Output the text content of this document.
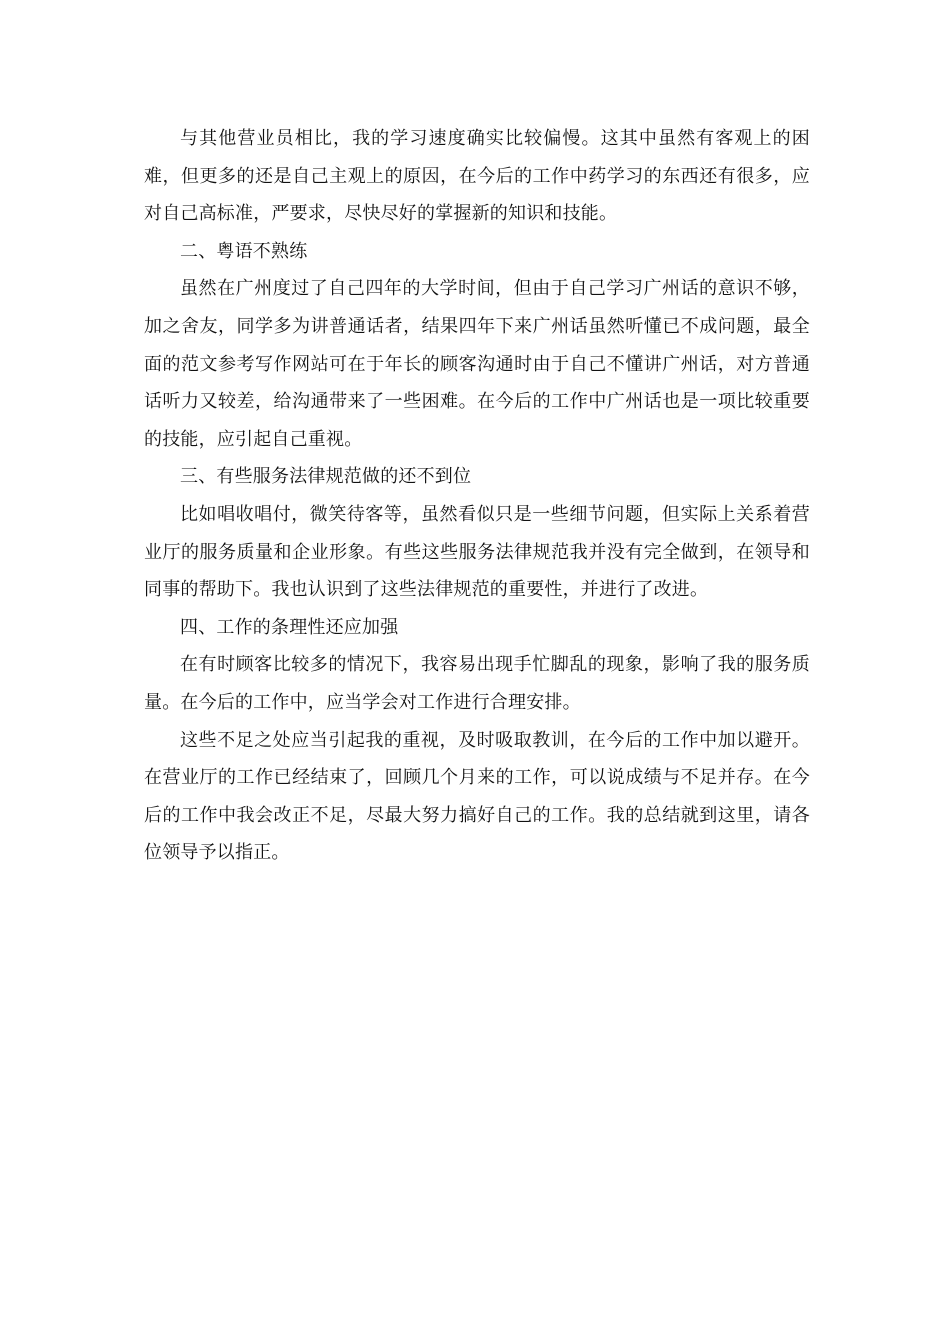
与其他营业员相比，我的学习速度确实比较偏慢。这其中虽然有客观上的困难，但更多的还是自己主观上的原因，在今后的工作中药学习的东西还有很多，应对自己高标准，严要求，尽快尽好的掌握新的知识和技能。

二、粤语不熟练

虽然在广州度过了自己四年的大学时间，但由于自己学习广州话的意识不够，加之舍友，同学多为讲普通话者，结果四年下来广州话虽然听懂已不成问题，最全面的范文参考写作网站可在于年长的顾客沟通时由于自己不懂讲广州话，对方普通话听力又较差，给沟通带来了一些困难。在今后的工作中广州话也是一项比较重要的技能，应引起自己重视。

三、有些服务法律规范做的还不到位

比如唱收唱付，微笑待客等，虽然看似只是一些细节问题，但实际上关系着营业厅的服务质量和企业形象。有些这些服务法律规范我并没有完全做到，在领导和同事的帮助下。我也认识到了这些法律规范的重要性，并进行了改进。

四、工作的条理性还应加强

在有时顾客比较多的情况下，我容易出现手忙脚乱的现象，影响了我的服务质量。在今后的工作中，应当学会对工作进行合理安排。

这些不足之处应当引起我的重视，及时吸取教训，在今后的工作中加以避开。在营业厅的工作已经结束了，回顾几个月来的工作，可以说成绩与不足并存。在今后的工作中我会改正不足，尽最大努力搞好自己的工作。我的总结就到这里，请各位领导予以指正。
